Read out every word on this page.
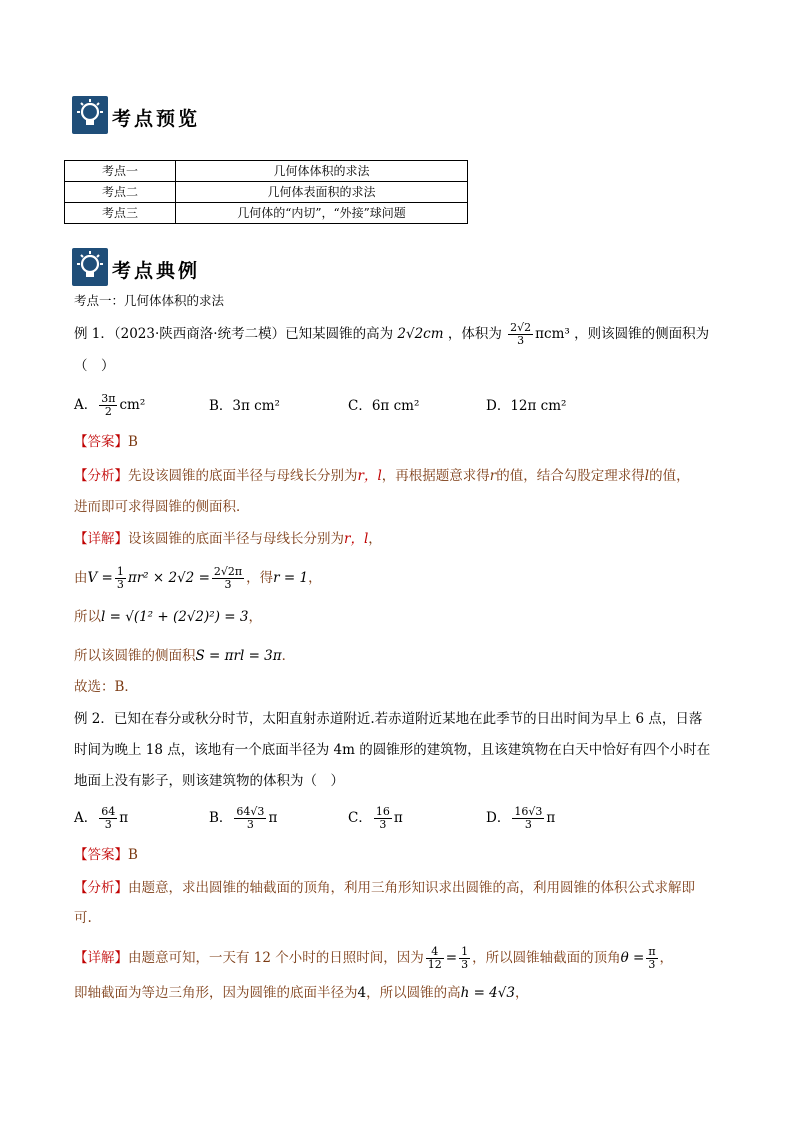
考点预览
考点一	几何体体积的求法
考点二	几何体表面积的求法
考点三	几何体的“内切”，“外接”球问题
考点典例
考点一：几何体体积的求法
例 1．（2023·陕西商洛·统考二模）已知某圆锥的高为 2√2cm ，体积为 $\frac{2√2}{3} \pi cm^3$ ，则该圆锥的侧面积为
（　）
A． $\frac{3\pi}{2} cm^2$	B．3π cm²	C．6π cm²	D．12π cm²
【答案】B
【分析】先设该圆锥的底面半径与母线长分别为r，l，再根据题意求得r的值，结合勾股定理求得l的值，
进而即可求得圆锥的侧面积．
【详解】设该圆锥的底面半径与母线长分别为r，l，
由$V = \frac{1}{3} \pi r^2 \times 2√2 = \frac{2√2\pi}{3}$ ，得r = 1，
所以l = √(1² + (2√2)²) = 3，
所以该圆锥的侧面积S = πrl = 3π．
故选：B．
例 2．已知在春分或秋分时节，太阳直射赤道附近.若赤道附近某地在此季节的日出时间为早上 6 点，日落
时间为晚上 18 点，该地有一个底面半径为 4m 的圆锥形的建筑物，且该建筑物在白天中恰好有四个小时在
地面上没有影子，则该建筑物的体积为（　）
A． $\frac{64}{3}$ π	B． $\frac{64√3}{3}$ π	C． $\frac{16}{3}$ π	D． $\frac{16√3}{3}$ π
【答案】B
【分析】由题意，求出圆锥的轴截面的顶角，利用三角形知识求出圆锥的高，利用圆锥的体积公式求解即
可.
【详解】由题意可知，一天有 12 个小时的日照时间，因为 $\frac{4}{12} = \frac{1}{3}$ ，所以圆锥轴截面的顶角$\theta = \frac{\pi}{3}$ ，
即轴截面为等边三角形，因为圆锥的底面半径为4，所以圆锥的高h = 4√3，
